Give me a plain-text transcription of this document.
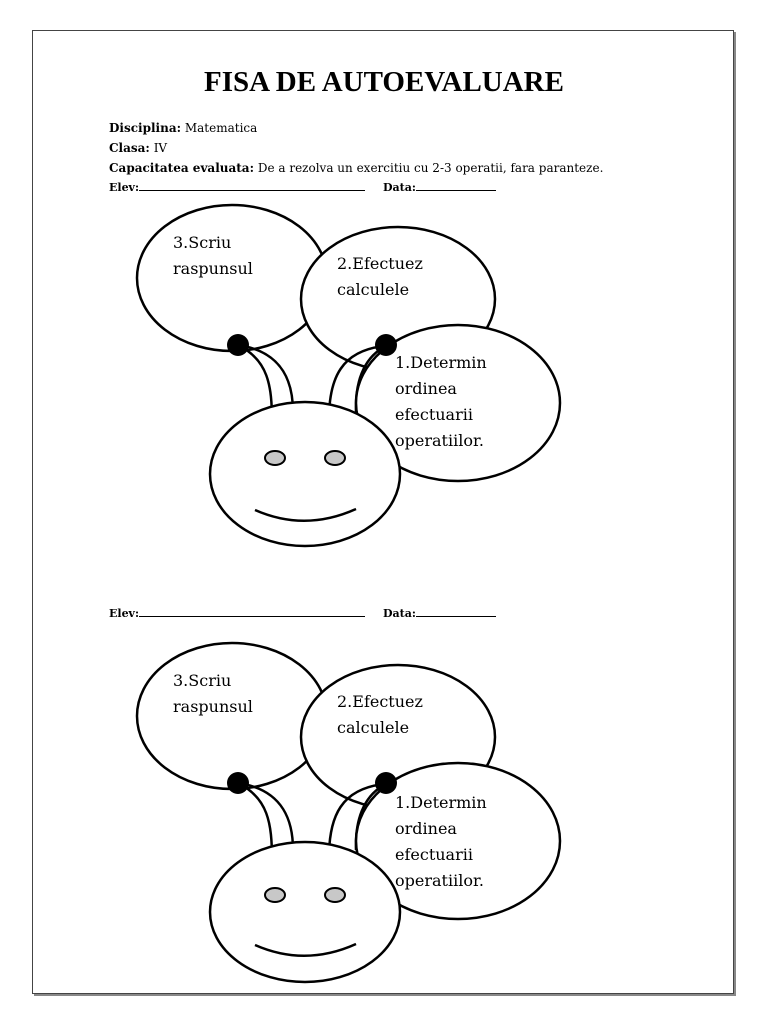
FISA DE AUTOEVALUARE
Disciplina: Matematica
Clasa: IV
Capacitatea evaluata: De a rezolva un exercitiu cu 2-3 operatii, fara paranteze.
Elev:	Data:
3.Scriu
raspunsul	2.Efectuez
calculele
1.Determin
ordinea
efectuarii
operatiilor.
Elev:	Data:
3.Scriu
raspunsul	2.Efectuez
calculele
1.Determin
ordinea
efectuarii
operatiilor.
